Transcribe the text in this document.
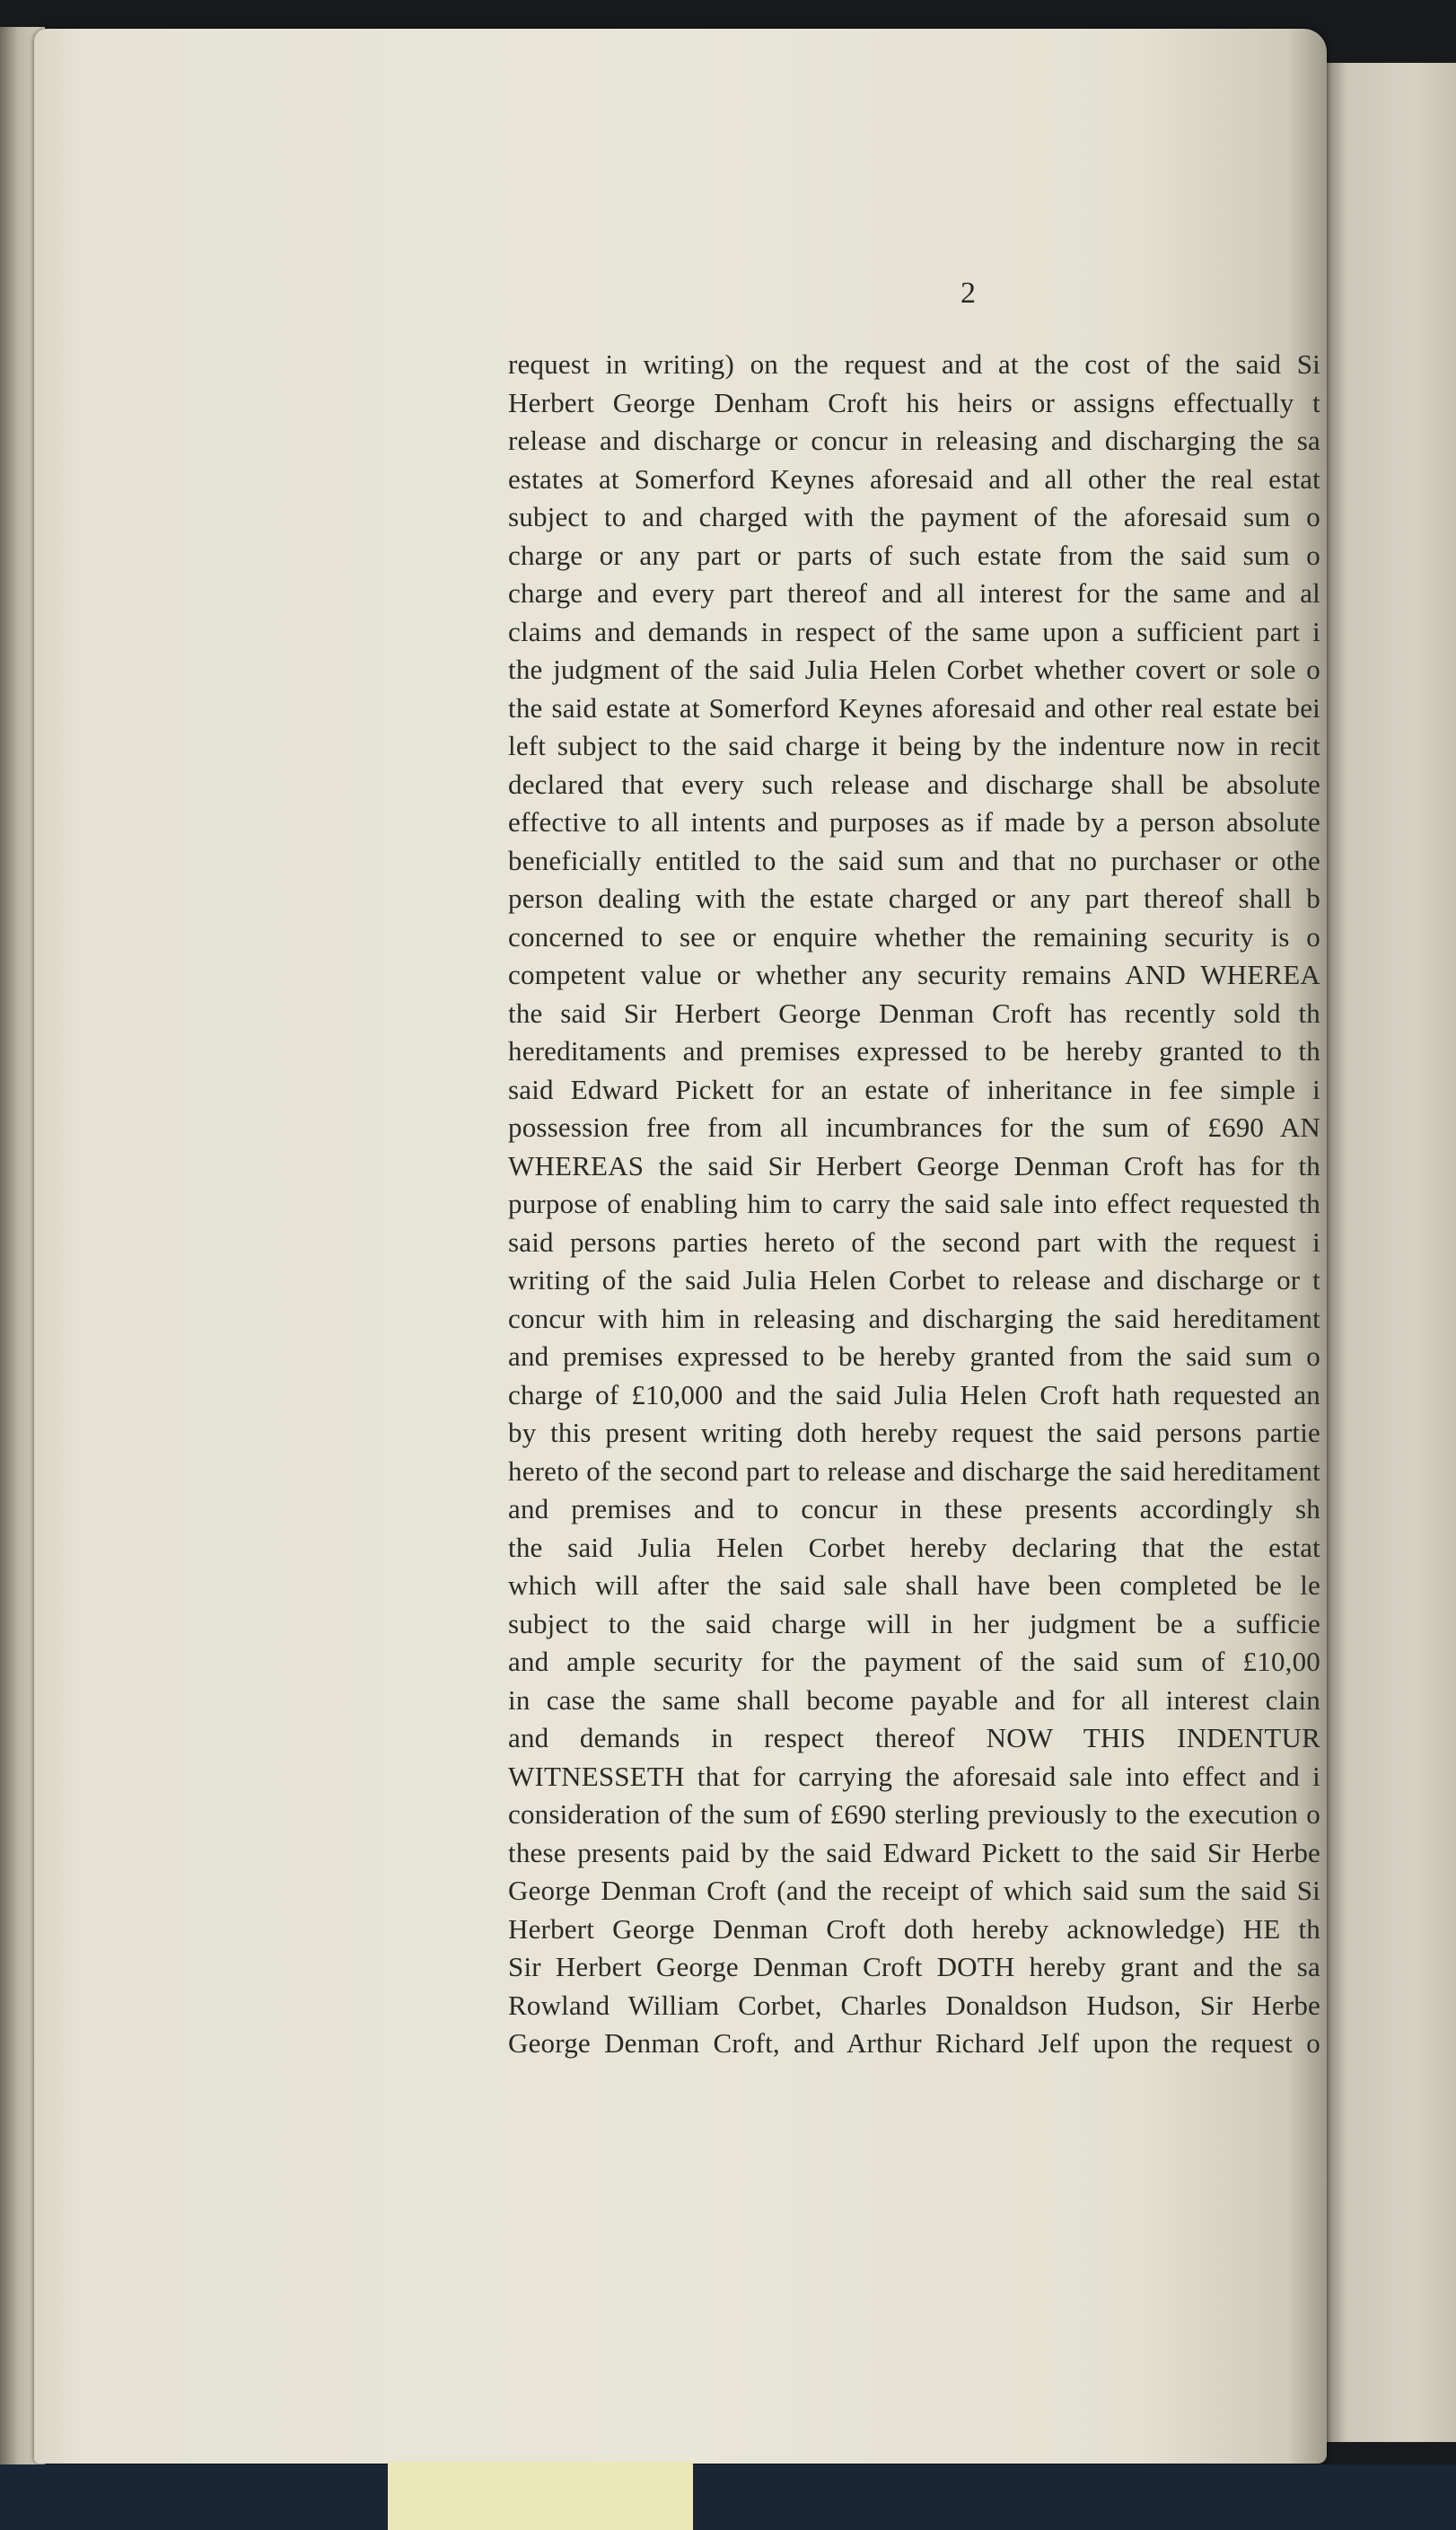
2
request in writing) on the request and at the cost of the said Si
Herbert George Denham Croft his heirs or assigns effectually t
release and discharge or concur in releasing and discharging the sa
estates at Somerford Keynes aforesaid and all other the real estat
subject to and charged with the payment of the aforesaid sum o
charge or any part or parts of such estate from the said sum o
charge and every part thereof and all interest for the same and al
claims and demands in respect of the same upon a sufficient part i
the judgment of the said Julia Helen Corbet whether covert or sole o
the said estate at Somerford Keynes aforesaid and other real estate bei
left subject to the said charge it being by the indenture now in recit
declared that every such release and discharge shall be absolute
effective to all intents and purposes as if made by a person absolute
beneficially entitled to the said sum and that no purchaser or othe
person dealing with the estate charged or any part thereof shall b
concerned to see or enquire whether the remaining security is o
competent value or whether any security remains AND WHEREA
the said Sir Herbert George Denman Croft has recently sold th
hereditaments and premises expressed to be hereby granted to th
said Edward Pickett for an estate of inheritance in fee simple i
possession free from all incumbrances for the sum of £690 AN
WHEREAS the said Sir Herbert George Denman Croft has for th
purpose of enabling him to carry the said sale into effect requested th
said persons parties hereto of the second part with the request i
writing of the said Julia Helen Corbet to release and discharge or t
concur with him in releasing and discharging the said hereditament
and premises expressed to be hereby granted from the said sum o
charge of £10,000 and the said Julia Helen Croft hath requested an
by this present writing doth hereby request the said persons partie
hereto of the second part to release and discharge the said hereditament
and premises and to concur in these presents accordingly sh
the said Julia Helen Corbet hereby declaring that the estat
which will after the said sale shall have been completed be le
subject to the said charge will in her judgment be a sufficie
and ample security for the payment of the said sum of £10,00
in case the same shall become payable and for all interest clain
and demands in respect thereof NOW THIS INDENTUR
WITNESSETH that for carrying the aforesaid sale into effect and i
consideration of the sum of £690 sterling previously to the execution o
these presents paid by the said Edward Pickett to the said Sir Herbe
George Denman Croft (and the receipt of which said sum the said Si
Herbert George Denman Croft doth hereby acknowledge) HE th
Sir Herbert George Denman Croft DOTH hereby grant and the sa
Rowland William Corbet, Charles Donaldson Hudson, Sir Herbe
George Denman Croft, and Arthur Richard Jelf upon the request o
